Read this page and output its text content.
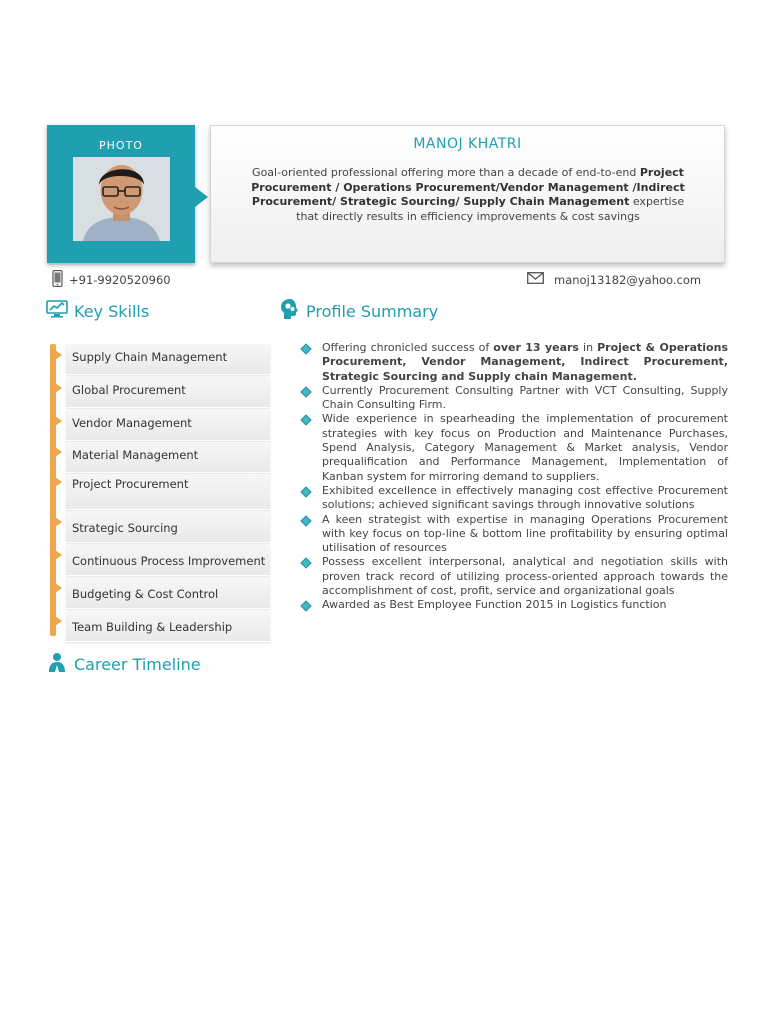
PHOTO	MANOJ KHATRI
Goal-oriented professional offering more than a decade of end-to-end Project Procurement / Operations Procurement/Vendor Management /Indirect Procurement/ Strategic Sourcing/ Supply Chain Management expertise that directly results in efficiency improvements & cost savings
+91-9920520960	manoj13182@yahoo.com
Key Skills
Supply Chain Management
Global Procurement
Vendor Management
Material Management
Project Procurement
Strategic Sourcing
Continuous Process Improvement
Budgeting & Cost Control
Team Building & Leadership
Profile Summary
Offering chronicled success of over 13 years in Project & Operations Procurement, Vendor Management, Indirect Procurement, Strategic Sourcing and Supply chain Management.
Currently Procurement Consulting Partner with VCT Consulting, Supply Chain Consulting Firm.
Wide experience in spearheading the implementation of procurement strategies with key focus on Production and Maintenance Purchases, Spend Analysis, Category Management & Market analysis, Vendor prequalification and Performance Management, Implementation of Kanban system for mirroring demand to suppliers.
Exhibited excellence in effectively managing cost effective Procurement solutions; achieved significant savings through innovative solutions
A keen strategist with expertise in managing Operations Procurement with key focus on top-line & bottom line profitability by ensuring optimal utilisation of resources
Possess excellent interpersonal, analytical and negotiation skills with proven track record of utilizing process-oriented approach towards the accomplishment of cost, profit, service and organizational goals
Awarded as Best Employee Function 2015 in Logistics function
Career Timeline
